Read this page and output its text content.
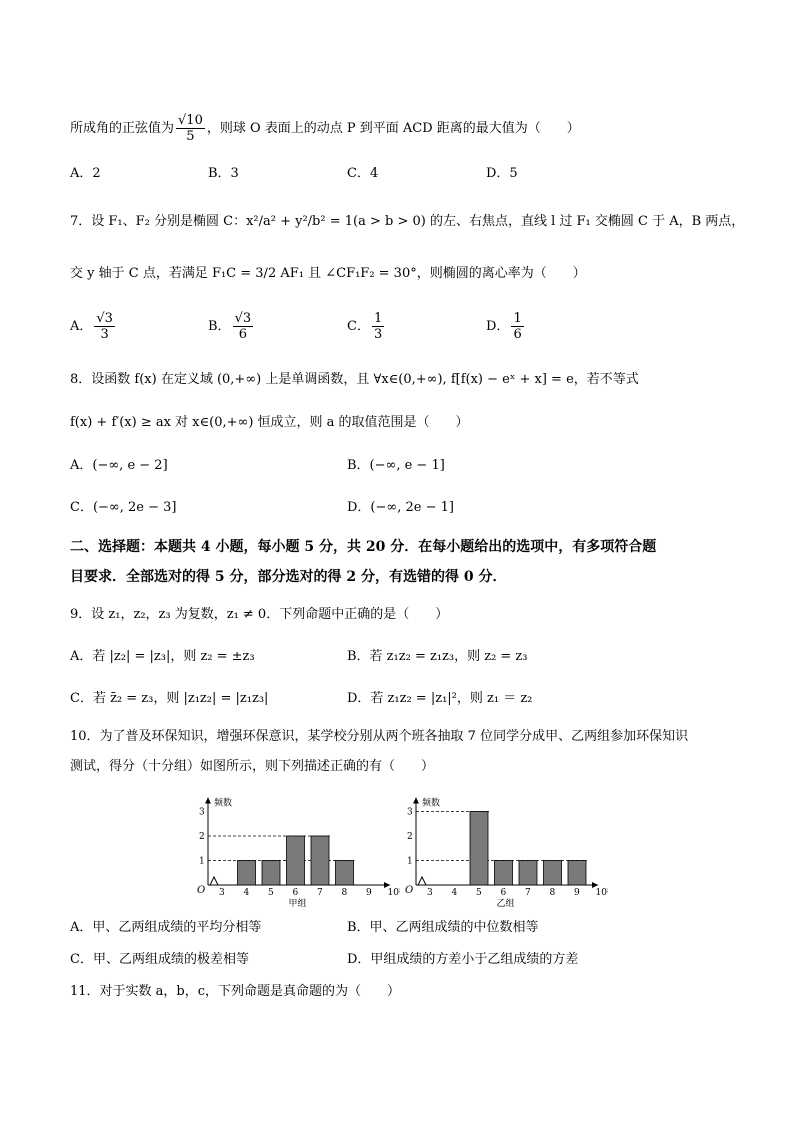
所成角的正弦值为 $\frac{√10}{5}$ ，则球 O 表面上的动点 P 到平面 ACD 距离的最大值为（　　）
A．2	B．3	C．4	D．5
7．设 F₁、F₂ 分别是椭圆 C：x²/a² + y²/b² = 1(a > b > 0) 的左、右焦点，直线 l 过 F₁ 交椭圆 C 于 A，B 两点，
交 y 轴于 C 点，若满足 F₁C = 3/2 AF₁ 且 ∠CF₁F₂ = 30°，则椭圆的离心率为（　　）
A． $\frac{√3}{3}$	B． $\frac{√3}{6}$	C． $\frac{1}{3}$	D． $\frac{1}{6}$
8．设函数 f(x) 在定义域 (0,+∞) 上是单调函数，且 ∀x∈(0,+∞), f[f(x) − eˣ + x] = e，若不等式
f(x) + f′(x) ≥ ax 对 x∈(0,+∞) 恒成立，则 a 的取值范围是（　　）
A．(−∞, e − 2]	B．(−∞, e − 1]
C．(−∞, 2e − 3]	D．(−∞, 2e − 1]
二、选择题：本题共 4 小题，每小题 5 分，共 20 分．在每小题给出的选项中，有多项符合题
目要求．全部选对的得 5 分，部分选对的得 2 分，有选错的得 0 分．
9．设 z₁，z₂，z₃ 为复数，z₁ ≠ 0．下列命题中正确的是（　　）
A．若 |z₂| = |z₃|，则 z₂ = ±z₃	B．若 z₁z₂ = z₁z₃，则 z₂ = z₃
C．若 z̄₂ = z₃，则 |z₁z₂| = |z₁z₃|	D．若 z₁z₂ = |z₁|²，则 z₁ ＝ z₂
10．为了普及环保知识，增强环保意识，某学校分别从两个班各抽取 7 位同学分成甲、乙两组参加环保知识
测试，得分（十分组）如图所示，则下列描述正确的有（　　）
频数
O
1
2
3
3 4 5 6 7 8 9 10
甲组
频数
O
1
2
3
3 4 5 6 7 8 9 10
乙组
A．甲、乙两组成绩的平均分相等	B．甲、乙两组成绩的中位数相等
C．甲、乙两组成绩的极差相等	D．甲组成绩的方差小于乙组成绩的方差
11．对于实数 a，b，c，下列命题是真命题的为（　　）
